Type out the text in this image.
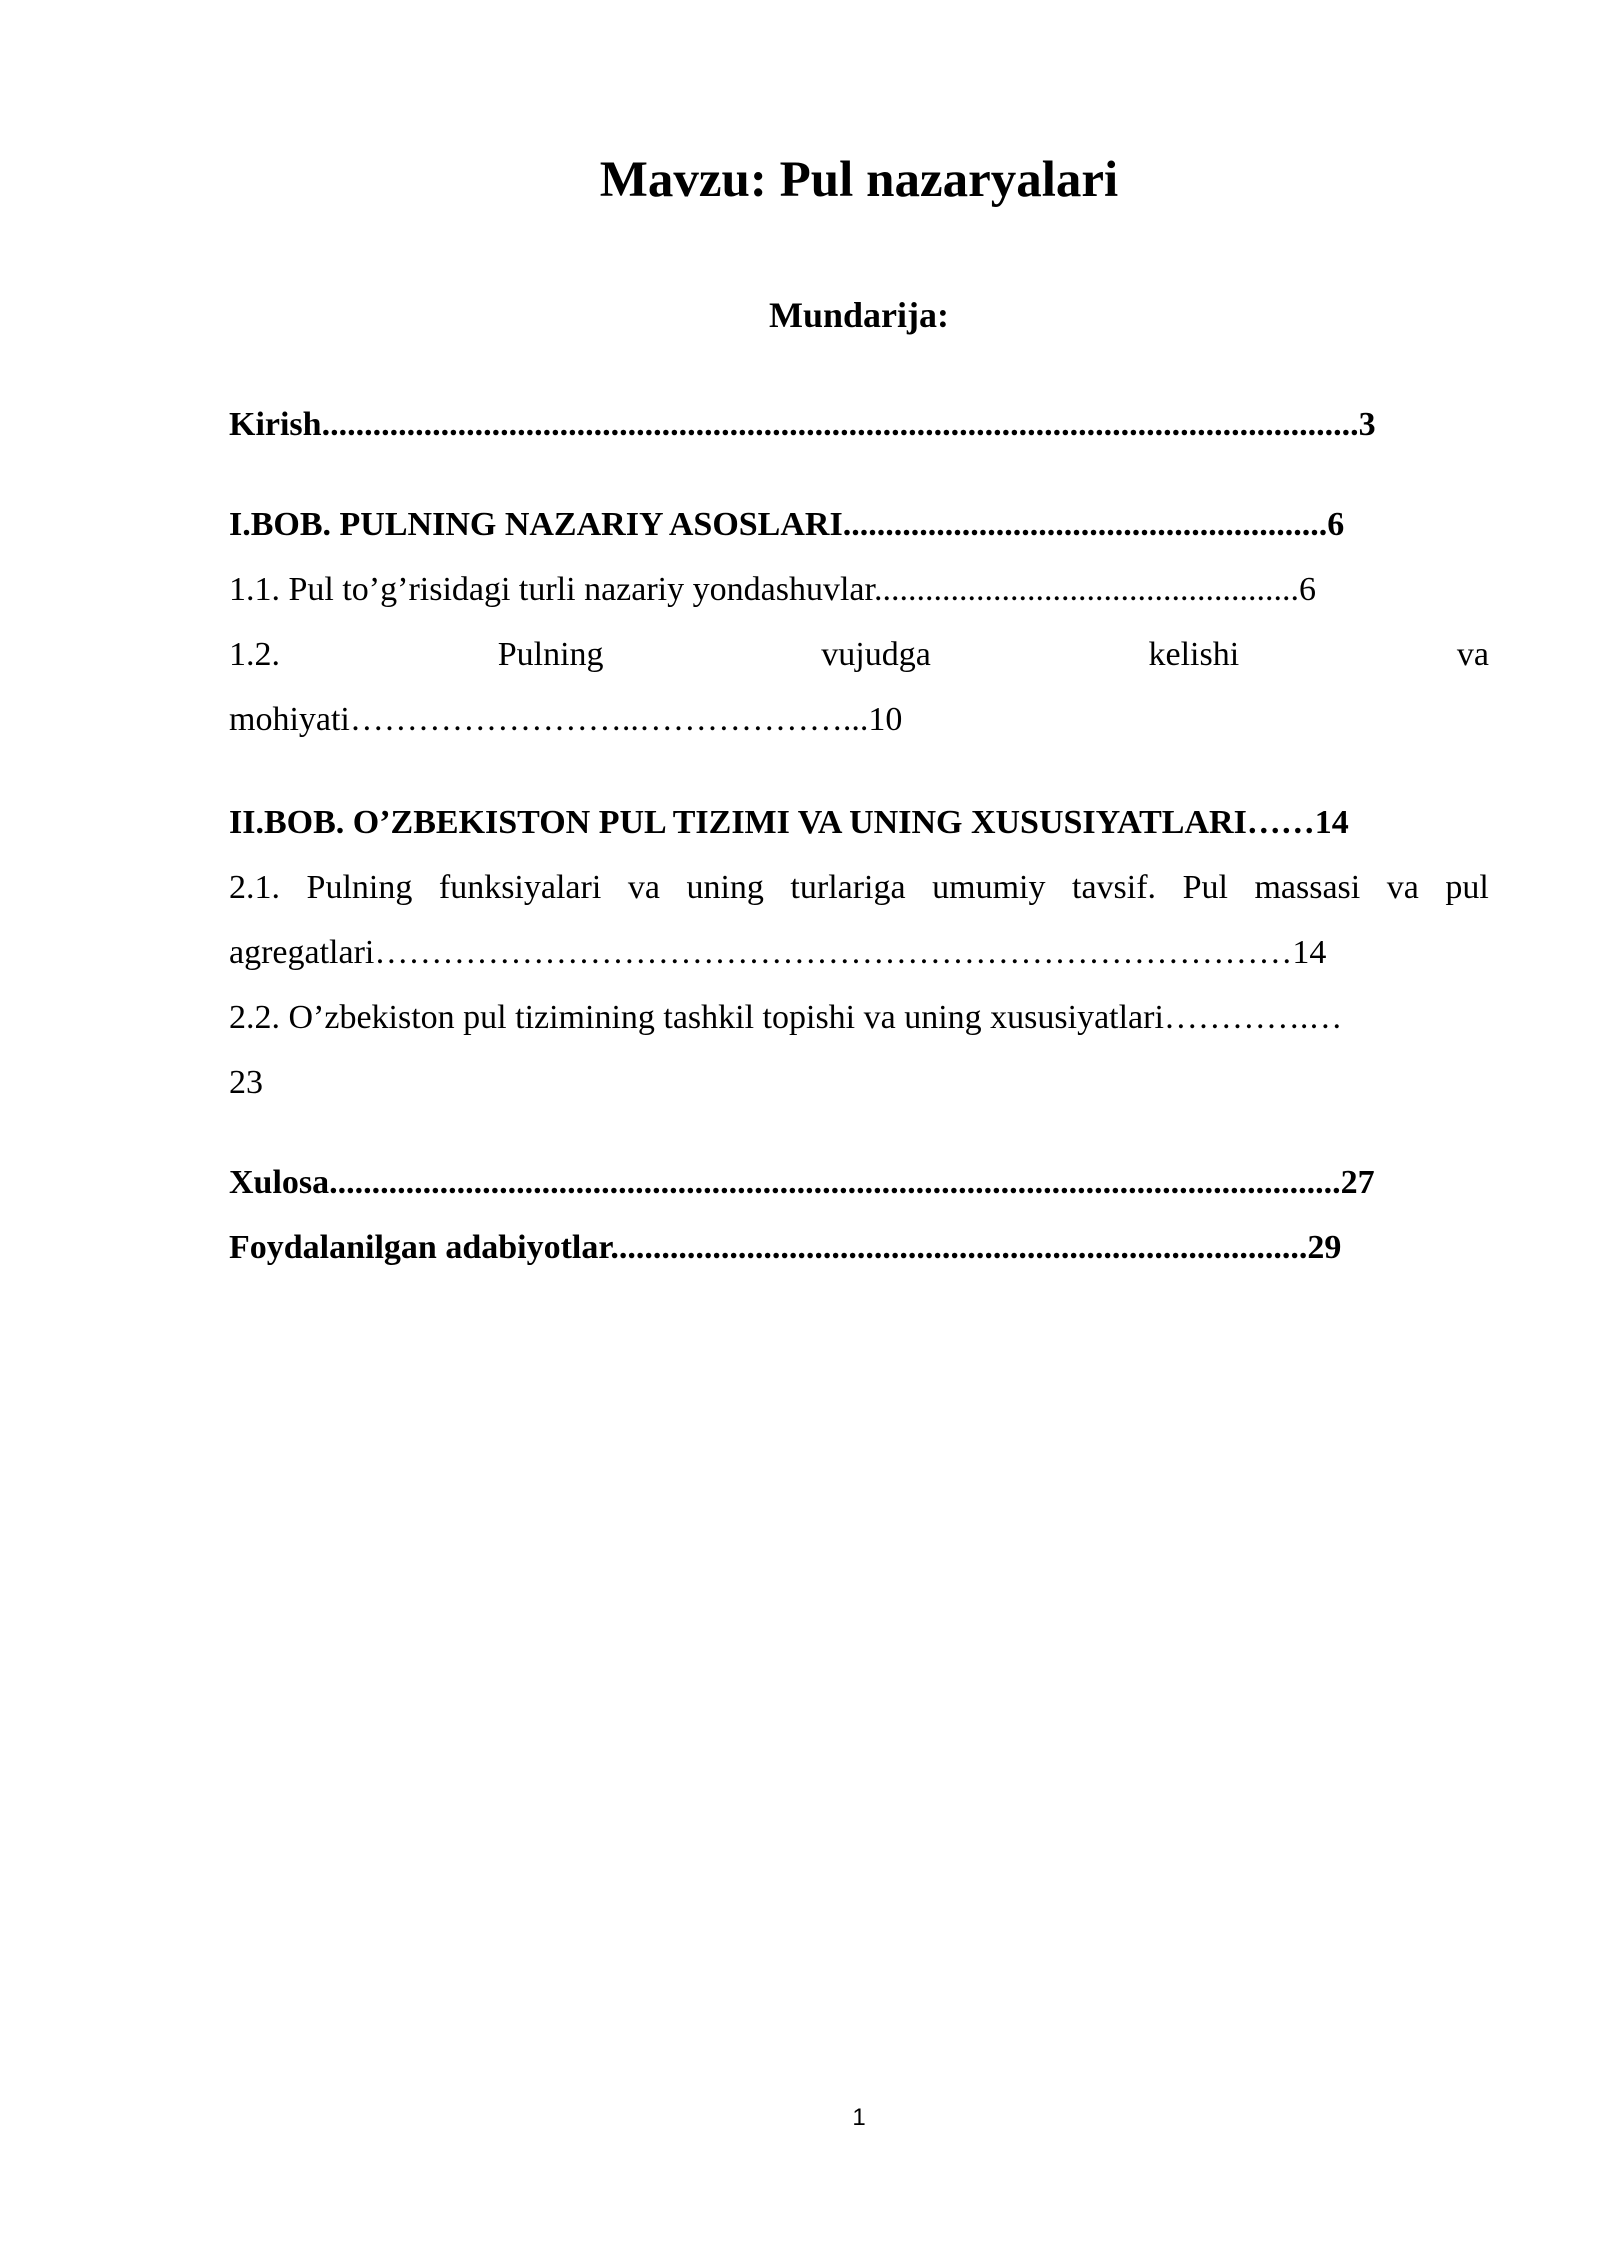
Mavzu: Pul nazaryalari
Mundarija:
Kirish..........................................................................................................................3
I.BOB. PULNING NAZARIY ASOSLARI.........................................................6
1.1. Pul to’g’risidagi turli nazariy yondashuvlar..................................................6
1.2.	Pulning	vujudga	kelishi	va
mohiyati……………………..………………...10
II.BOB. O’ZBEKISTON PUL TIZIMI VA UNING XUSUSIYATLARI……14
2.1. Pulning funksiyalari va uning turlariga umumiy tavsif. Pul massasi va pul
agregatlari………………………………………………………………………14
2.2. O’zbekiston pul tizimining tashkil topishi va uning xususiyatlari………….…
23
Xulosa.......................................................................................................................27
Foydalanilgan adabiyotlar..................................................................................29
1
